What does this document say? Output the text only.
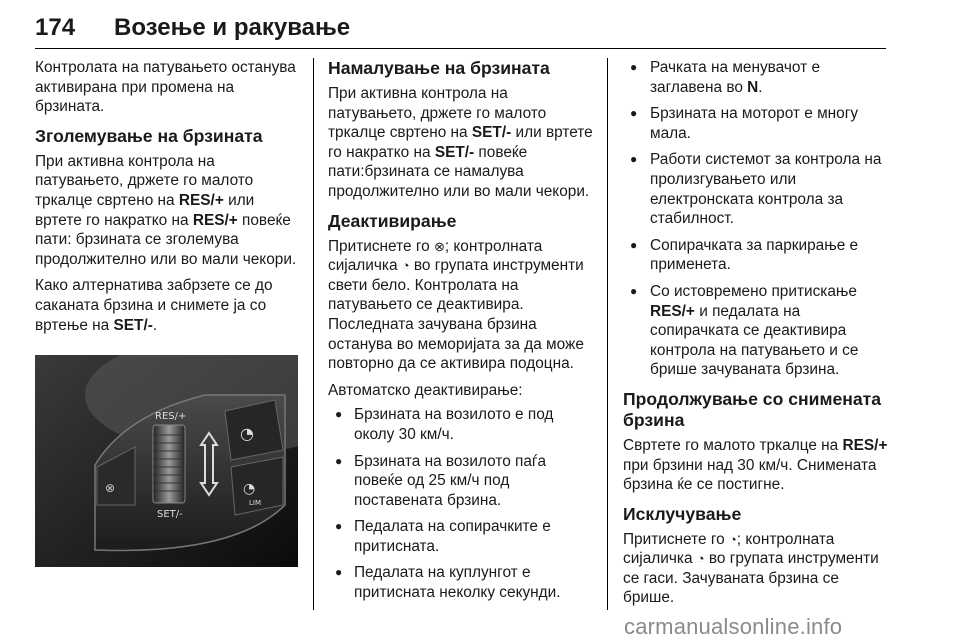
174 Возење и ракување

Контролата на патувањето останува активирана при промена на брзината.

Зголемување на брзината

При активна контрола на патувањето, држете го малото тркалце свртено на RES/+ или вртете го накратко на RES/+ повеќе пати: брзината се зголемува продолжително или во мали чекори.

Како алтернатива забрзете се до саканата брзина и снимете ја со вртење на SET/-.

⊗
RES/+
SET/-
◔
◔
LIM
Намалување на брзината

При активна контрола на патувањето, држете го малото тркалце свртено на SET/- или вртете го накратко на SET/- повеќе пати:брзината се намалува продолжително или во мали чекори.

Деактивирање

Притиснете го ⊗; контролната сијаличка ◔ во групата инструменти свети бело. Контролата на патувањето се деактивира. Последната зачувана брзина останува во меморијата за да може повторно да се активира подоцна.

Автоматско деактивирање:

● Брзината на возилото е под околу 30 км/ч.
● Брзината на возилото паѓа повеќе од 25 км/ч под поставената брзина.
● Педалата на сопирачките е притисната.
● Педалата на куплунгот е притисната неколку секунди.
● Рачката на менувачот е заглавена во N.
● Брзината на моторот е многу мала.
● Работи системот за контрола на пролизгувањето или електронската контрола за стабилност.
● Сопирачката за паркирање е применета.
● Со истовремено притискање RES/+ и педалата на сопирачката се деактивира контрола на патувањето и се брише зачуваната брзина.
Продолжување со снимената брзина

Свртете го малото тркалце на RES/+ при брзини над 30 км/ч. Снимената брзина ќе се постигне.

Исклучување

Притиснете го ◔; контролната сијаличка ◔ во групата инструменти се гаси. Зачуваната брзина се брише.

carmanualsonline.info
